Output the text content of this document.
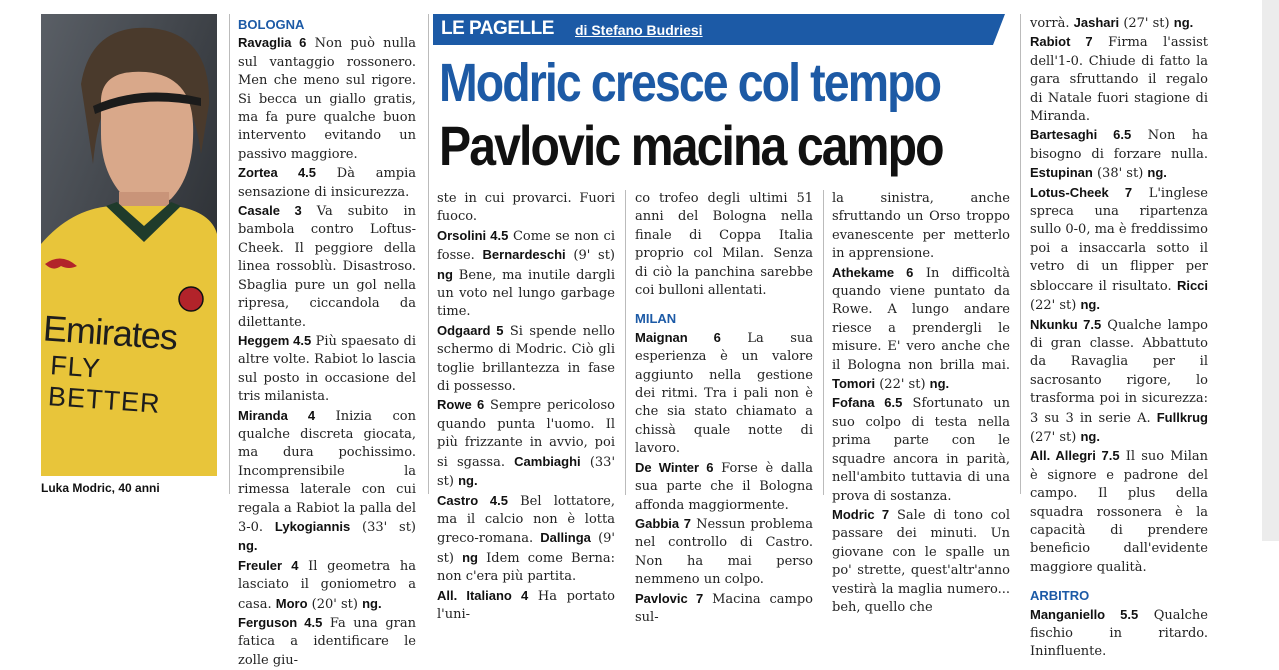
Emirates
FLY BETTER
Luka Modric, 40 anni
LE PAGELLE di Stefano Budriesi
Modric cresce col tempo
Pavlovic macina campo

BOLOGNA

Ravaglia 6 Non può nulla sul vantaggio rossonero. Men che meno sul rigore. Si becca un giallo gratis, ma fa pure qualche buon intervento evitando un passivo maggiore.

Zortea 4.5 Dà ampia sensazione di insicurezza.

Casale 3 Va subito in bambola contro Loftus-Cheek. Il peggiore della linea rossoblù. Disastroso. Sbaglia pure un gol nella ripresa, ciccandola da dilettante.

Heggem 4.5 Più spaesato di altre volte. Rabiot lo lascia sul posto in occasione del tris milanista.

Miranda 4 Inizia con qualche discreta giocata, ma dura pochissimo. Incomprensibile la rimessa laterale con cui regala a Rabiot la palla del 3-0. Lykogiannis (33' st) ng.

Freuler 4 Il geometra ha lasciato il goniometro a casa. Moro (20' st) ng.

Ferguson 4.5 Fa una gran fatica a identificare le zolle giu-

ste in cui provarci. Fuori fuoco.

Orsolini 4.5 Come se non ci fosse. Bernardeschi (9' st) ng Bene, ma inutile dargli un voto nel lungo garbage time.

Odgaard 5 Si spende nello schermo di Modric. Ciò gli toglie brillantezza in fase di possesso.

Rowe 6 Sempre pericoloso quando punta l'uomo. Il più frizzante in avvio, poi si sgassa. Cambiaghi (33' st) ng.

Castro 4.5 Bel lottatore, ma il calcio non è lotta greco-romana. Dallinga (9' st) ng Idem come Berna: non c'era più partita.

All. Italiano 4 Ha portato l'uni-

co trofeo degli ultimi 51 anni del Bologna nella finale di Coppa Italia proprio col Milan. Senza di ciò la panchina sarebbe coi bulloni allentati.

MILAN

Maignan 6 La sua esperienza è un valore aggiunto nella gestione dei ritmi. Tra i pali non è che sia stato chiamato a chissà quale notte di lavoro.

De Winter 6 Forse è dalla sua parte che il Bologna affonda maggiormente.

Gabbia 7 Nessun problema nel controllo di Castro. Non ha mai perso nemmeno un colpo.

Pavlovic 7 Macina campo sul-

la sinistra, anche sfruttando un Orso troppo evanescente per metterlo in apprensione.

Athekame 6 In difficoltà quando viene puntato da Rowe. A lungo andare riesce a prendergli le misure. E' vero anche che il Bologna non brilla mai. Tomori (22' st) ng.

Fofana 6.5 Sfortunato un suo colpo di testa nella prima parte con le squadre ancora in parità, nell'ambito tuttavia di una prova di sostanza.

Modric 7 Sale di tono col passare dei minuti. Un giovane con le spalle un po' strette, quest'altr'anno vestirà la maglia numero... beh, quello che

vorrà. Jashari (27' st) ng.

Rabiot 7 Firma l'assist dell'1-0. Chiude di fatto la gara sfruttando il regalo di Natale fuori stagione di Miranda.

Bartesaghi 6.5 Non ha bisogno di forzare nulla. Estupinan (38' st) ng.

Lotus-Cheek 7 L'inglese spreca una ripartenza sullo 0-0, ma è freddissimo poi a insaccarla sotto il vetro di un flipper per sbloccare il risultato. Ricci (22' st) ng.

Nkunku 7.5 Qualche lampo di gran classe. Abbattuto da Ravaglia per il sacrosanto rigore, lo trasforma poi in sicurezza: 3 su 3 in serie A. Fullkrug (27' st) ng.

All. Allegri 7.5 Il suo Milan è signore e padrone del campo. Il plus della squadra rossonera è la capacità di prendere beneficio dall'evidente maggiore qualità.

ARBITRO

Manganiello 5.5 Qualche fischio in ritardo. Ininfluente.
